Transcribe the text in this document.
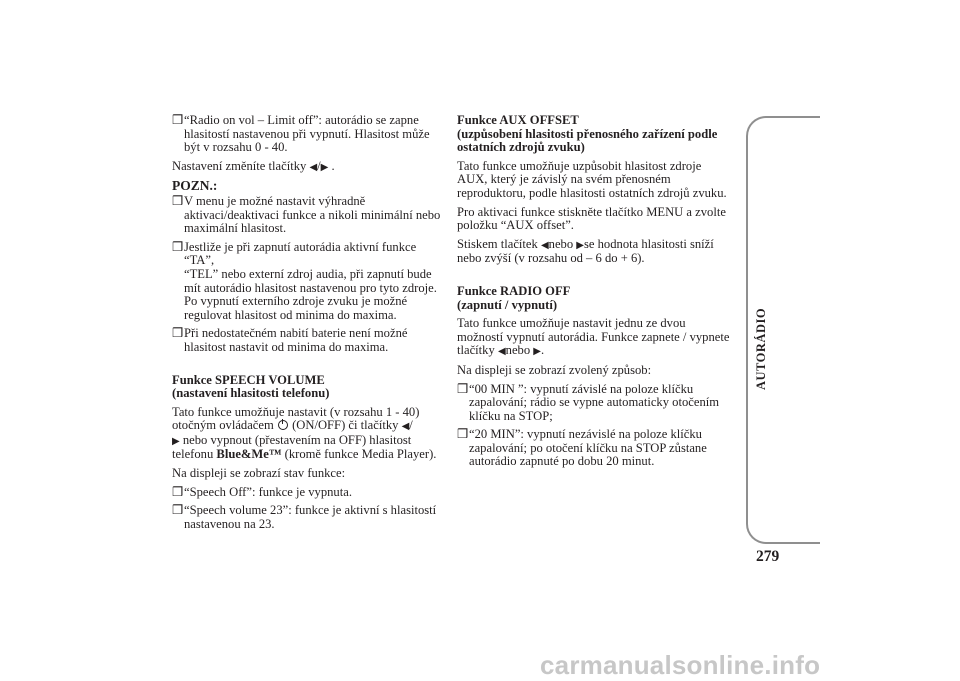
❒ “Radio on vol – Limit off”: autorádio se zapne
hlasitostí nastavenou při vypnutí. Hlasitost může
být v rozsahu 0 - 40.

Nastavení změníte tlačítky ◀/▶ .

POZN.:
❒ V menu je možné nastavit výhradně
aktivaci/deaktivaci funkce a nikoli minimální nebo
maximální hlasitost.
❒ Jestliže je při zapnutí autorádia aktivní funkce “TA”,
“TEL” nebo externí zdroj audia, při zapnutí bude
mít autorádio hlasitost nastavenou pro tyto zdroje.
Po vypnutí externího zdroje zvuku je možné
regulovat hlasitost od minima do maxima.
❒ Při nedostatečném nabití baterie není možné
hlasitost nastavit od minima do maxima.
Funkce SPEECH VOLUME
(nastavení hlasitosti telefonu)

Tato funkce umožňuje nastavit (v rozsahu 1 - 40)
otočným ovládačem (ON/OFF) či tlačítky ◀/
▶ nebo vypnout (přestavením na OFF) hlasitost
telefonu Blue&Me™ (kromě funkce Media Player).

Na displeji se zobrazí stav funkce:

❒ “Speech Off”: funkce je vypnuta.
❒ “Speech volume 23”: funkce je aktivní s hlasitostí
nastavenou na 23.
Funkce AUX OFFSET
(uzpůsobení hlasitosti přenosného zařízení podle
ostatních zdrojů zvuku)

Tato funkce umožňuje uzpůsobit hlasitost zdroje
AUX, který je závislý na svém přenosném
reproduktoru, podle hlasitosti ostatních zdrojů zvuku.

Pro aktivaci funkce stiskněte tlačítko MENU a zvolte
položku “AUX offset”.

Stiskem tlačítek ◀nebo ▶se hodnota hlasitosti sníží
nebo zvýší (v rozsahu od – 6 do + 6).

Funkce RADIO OFF
(zapnutí / vypnutí)

Tato funkce umožňuje nastavit jednu ze dvou
možností vypnutí autorádia. Funkce zapnete / vypnete
tlačítky ◀nebo ▶.

Na displeji se zobrazí zvolený způsob:

❒ “00 MIN ”: vypnutí závislé na poloze klíčku
zapalování; rádio se vypne automaticky otočením
klíčku na STOP;
❒ “20 MIN”: vypnutí nezávislé na poloze klíčku
zapalování; po otočení klíčku na STOP zůstane
autorádio zapnuté po dobu 20 minut.
AUTORÁDIO
279
carmanualsonline.info
